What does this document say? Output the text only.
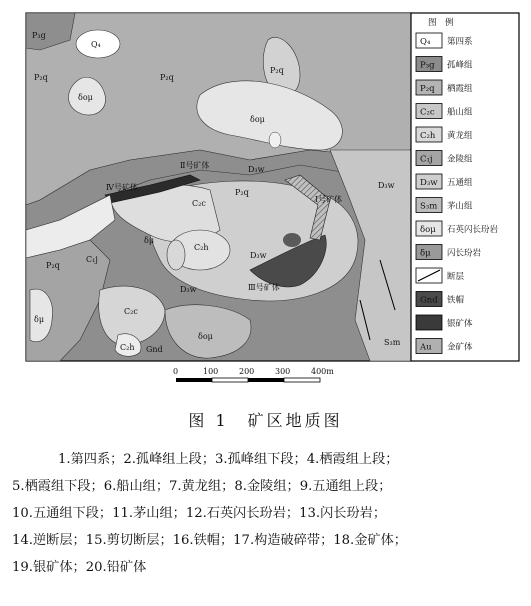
P₃g
Q₄
P₂q	P₂q
P₂q
δομ
δομ
Ⅱ号矿体
Ⅳ号矿体
D₃w
P₂q
Ⅰ号矿体
D₃w
C₂c
δμ
C₂h
D₃w
P₂q
C₁j
Ⅲ号矿体
D₃w
δμ
C₂c
δομ
C₂h Gnd
S₃m
0	100	200	300	400m
图　例
Q₄ 第四系
P₃g 孤峰组
P₂q 栖霞组
C₂c 船山组
C₂h 黄龙组
C₁j 金陵组
D₃w 五通组
S₃m 茅山组
δομ 石英闪长玢岩
δμ 闪长玢岩
断层
Gnd 铁帽
银矿体
Au 金矿体
图 1　矿区地质图

1.第四系；2.孤峰组上段；3.孤峰组下段；4.栖霞组上段；

5.栖霞组下段；6.船山组；7.黄龙组；8.金陵组；9.五通组上段；

10.五通组下段；11.茅山组；12.石英闪长玢岩；13.闪长玢岩；

14.逆断层；15.剪切断层；16.铁帽；17.构造破碎带；18.金矿体；

19.银矿体；20.铅矿体
